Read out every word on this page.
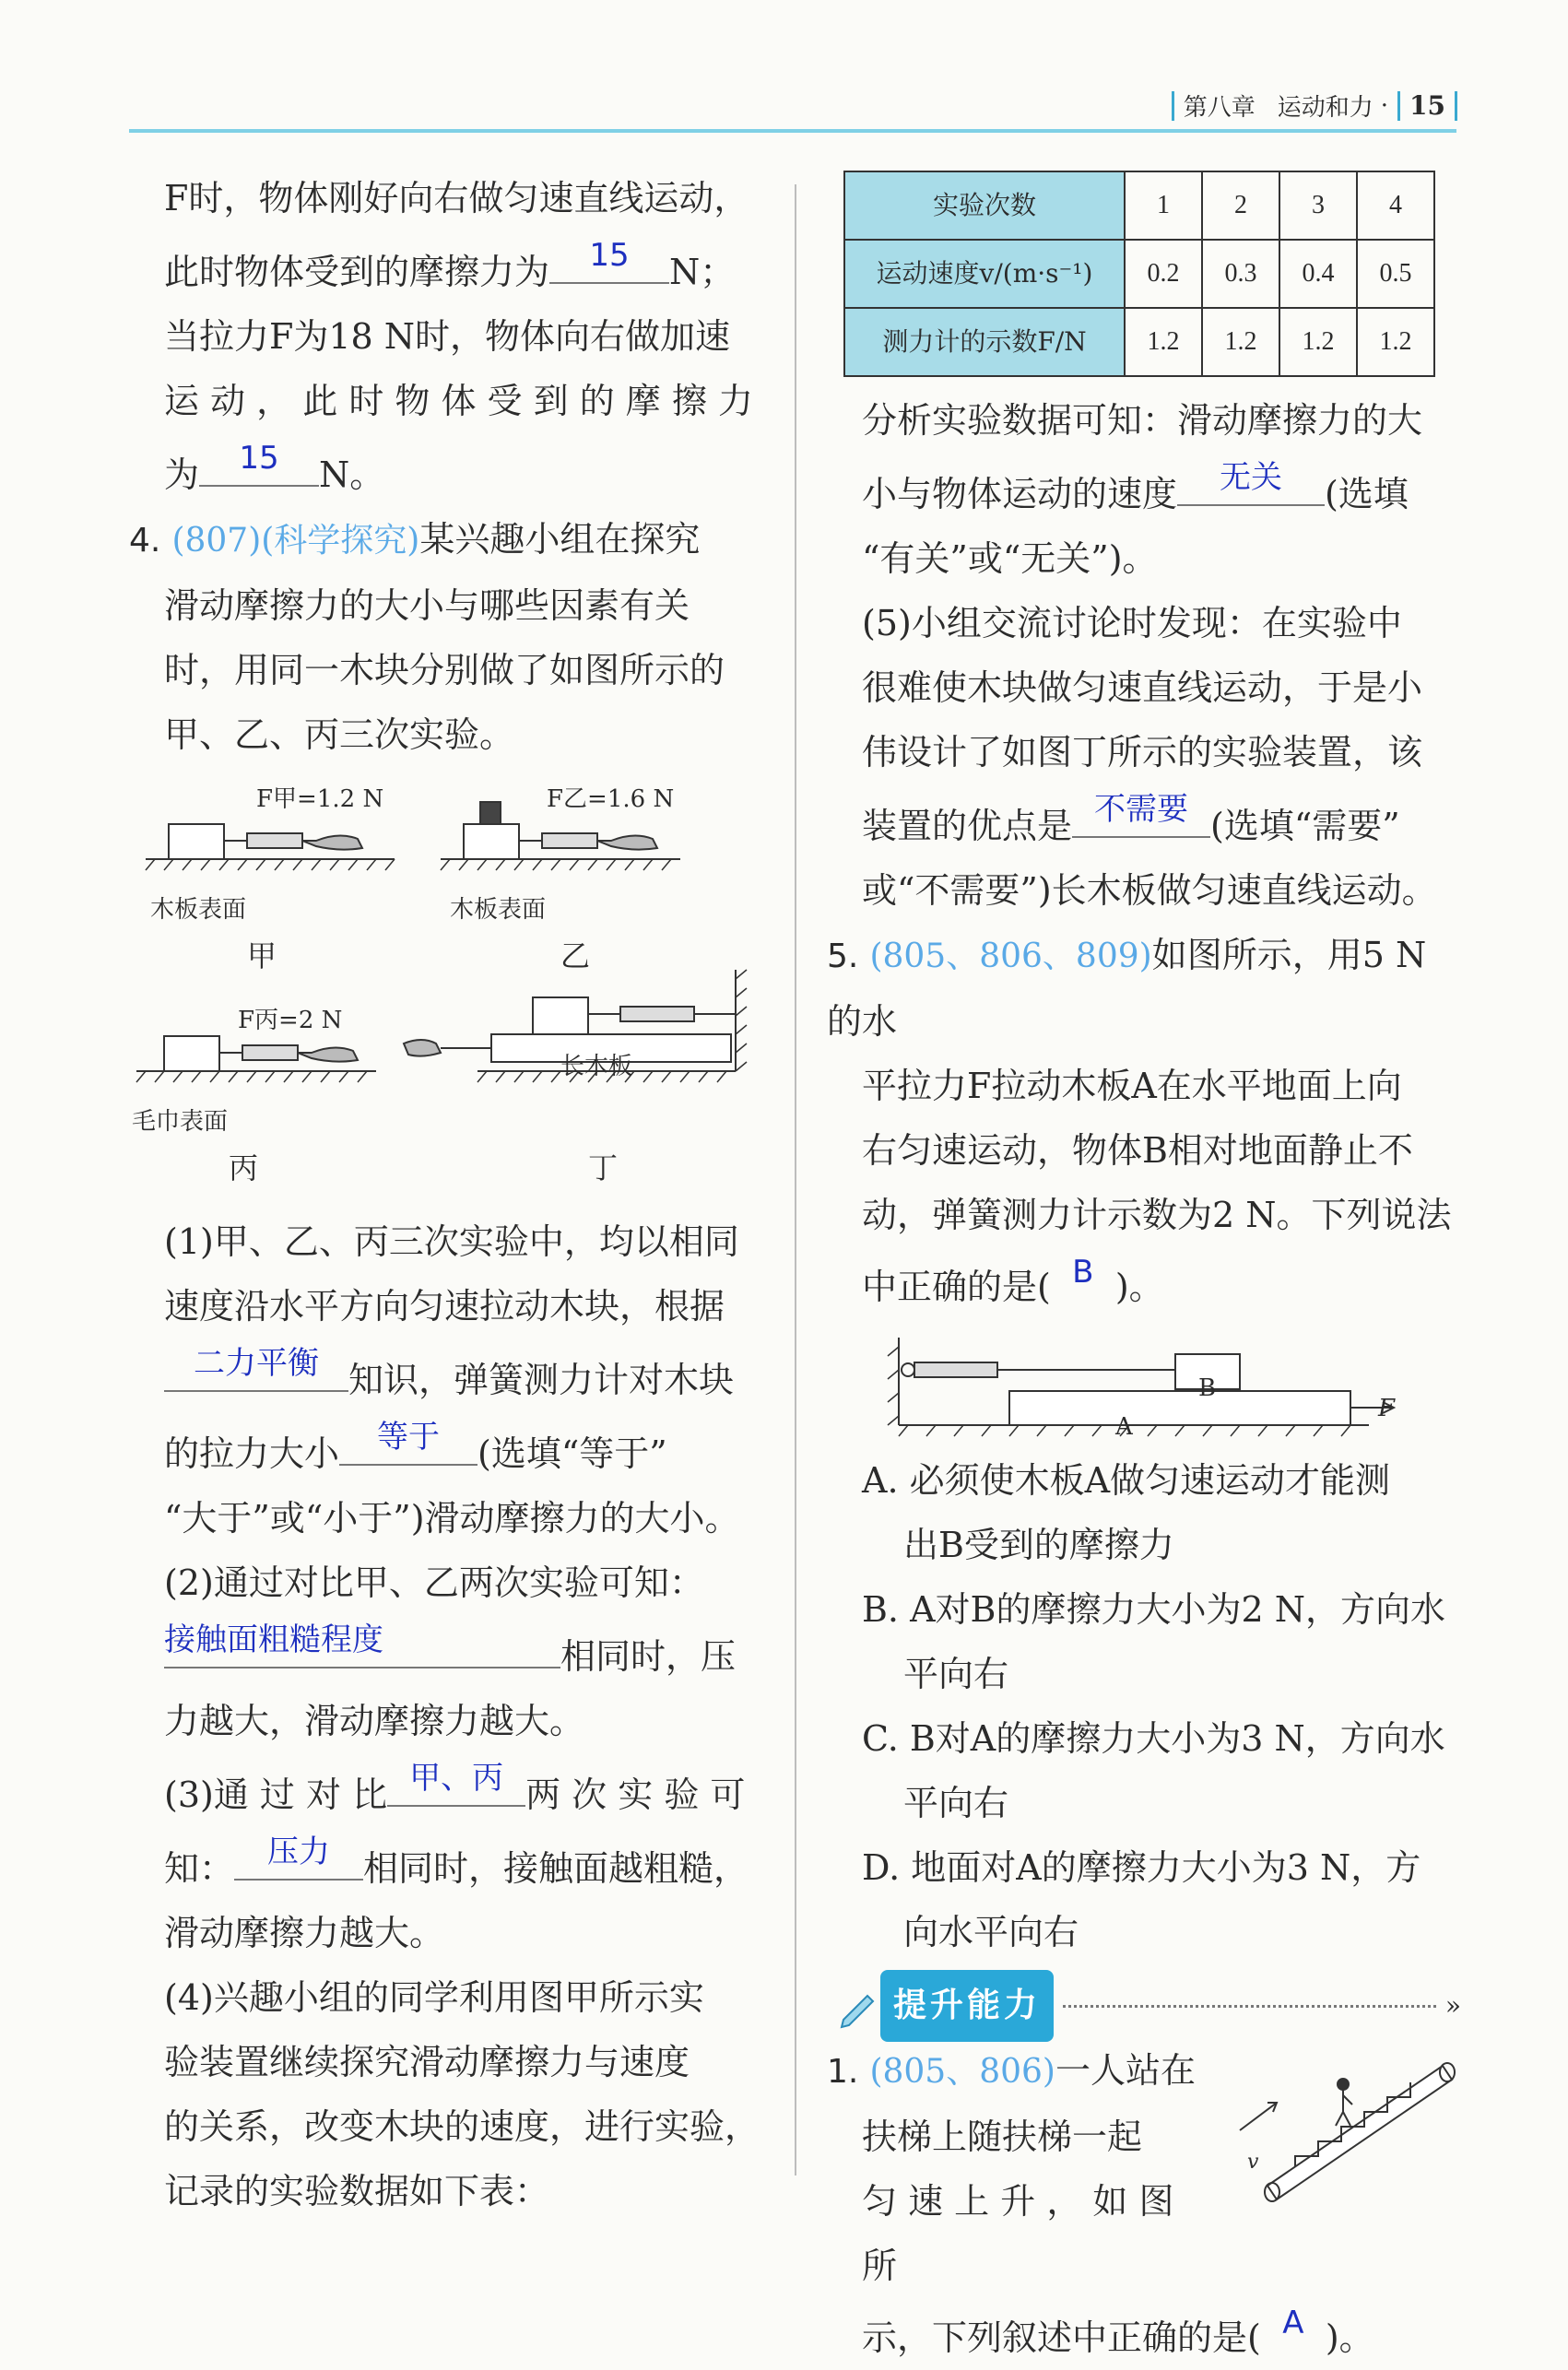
第八章 运动和力 · 15

F时，物体刚好向右做匀速直线运动，

此时物体受到的摩擦力为	15	N；

当拉力F为18 N时，物体向右做加速

运 动 ， 此 时 物 体 受 到 的 摩 擦 力

为	15	N。

4. (807)(科学探究)某兴趣小组在探究

滑动摩擦力的大小与哪些因素有关

时，用同一木块分别做了如图所示的

甲、乙、丙三次实验。

F甲=1.2 N	F乙=1.6 N
木板表面	木板表面
甲	乙
F丙=2 N
毛巾表面
长木板
丙	丁

(1)甲、乙、丙三次实验中，均以相同

速度沿水平方向匀速拉动木块，根据

二力平衡 知识，弹簧测力计对木块

的拉力大小	等于	(选填“等于”

“大于”或“小于”)滑动摩擦力的大小。

(2)通过对比甲、乙两次实验可知：

接触面粗糙程度	相同时，压

力越大，滑动摩擦力越大。

(3)通 过 对 比 甲、丙 两 次 实 验 可

知：	压力 相同时，接触面越粗糙，

滑动摩擦力越大。

(4)兴趣小组的同学利用图甲所示实

验装置继续探究滑动摩擦力与速度

的关系，改变木块的速度，进行实验，

记录的实验数据如下表：

实验次数	1	2	3	4
运动速度v/(m·s⁻¹)	0.2	0.3	0.4	0.5
测力计的示数F/N	1.2	1.2	1.2	1.2

分析实验数据可知：滑动摩擦力的大

小与物体运动的速度	无关	(选填

“有关”或“无关”)。

(5)小组交流讨论时发现：在实验中

很难使木块做匀速直线运动，于是小

伟设计了如图丁所示的实验装置，该

装置的优点是 不需要 (选填“需要”

或“不需要”)长木板做匀速直线运动。

5. (805、806、809)如图所示，用5 N的水

平拉力F拉动木板A在水平地面上向

右匀速运动，物体B相对地面静止不

动，弹簧测力计示数为2 N。下列说法

中正确的是( B )。

B
A
F

A. 必须使木板A做匀速运动才能测

出B受到的摩擦力

B. A对B的摩擦力大小为2 N，方向水

平向右

C. B对A的摩擦力大小为3 N，方向水

平向右

D. 地面对A的摩擦力大小为3 N，方

向水平向右

提升能力	»

1. (805、806)一人站在

扶梯上随扶梯一起

匀 速 上 升 ， 如 图 所

示，下列叙述中正确的是( A )。

v
